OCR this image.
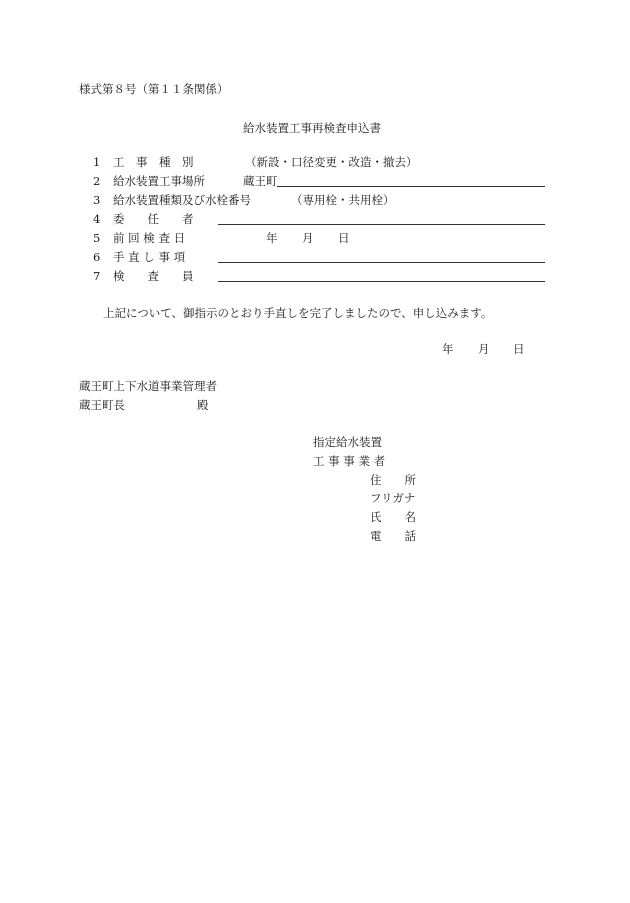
様式第８号（第１１条関係）
給水装置工事再検査申込書
1	工　事　種　別	（新設・口径変更・改造・撤去）
2	給水装置工事場所	蔵王町
3	給水装置種類及び水栓番号	（専用栓・共用栓）
4	委　　任　　者
5	前 回 検 査 日	年 月 日
6	手 直 し 事 項
7	検　　査　　員
上記について、御指示のとおり手直しを完了しましたので、申し込みます。
年 月 日
蔵王町上下水道事業管理者
蔵王町長	殿
指定給水装置
工 事 事 業 者
住　　所
フリガナ
氏　　名
電　　話
